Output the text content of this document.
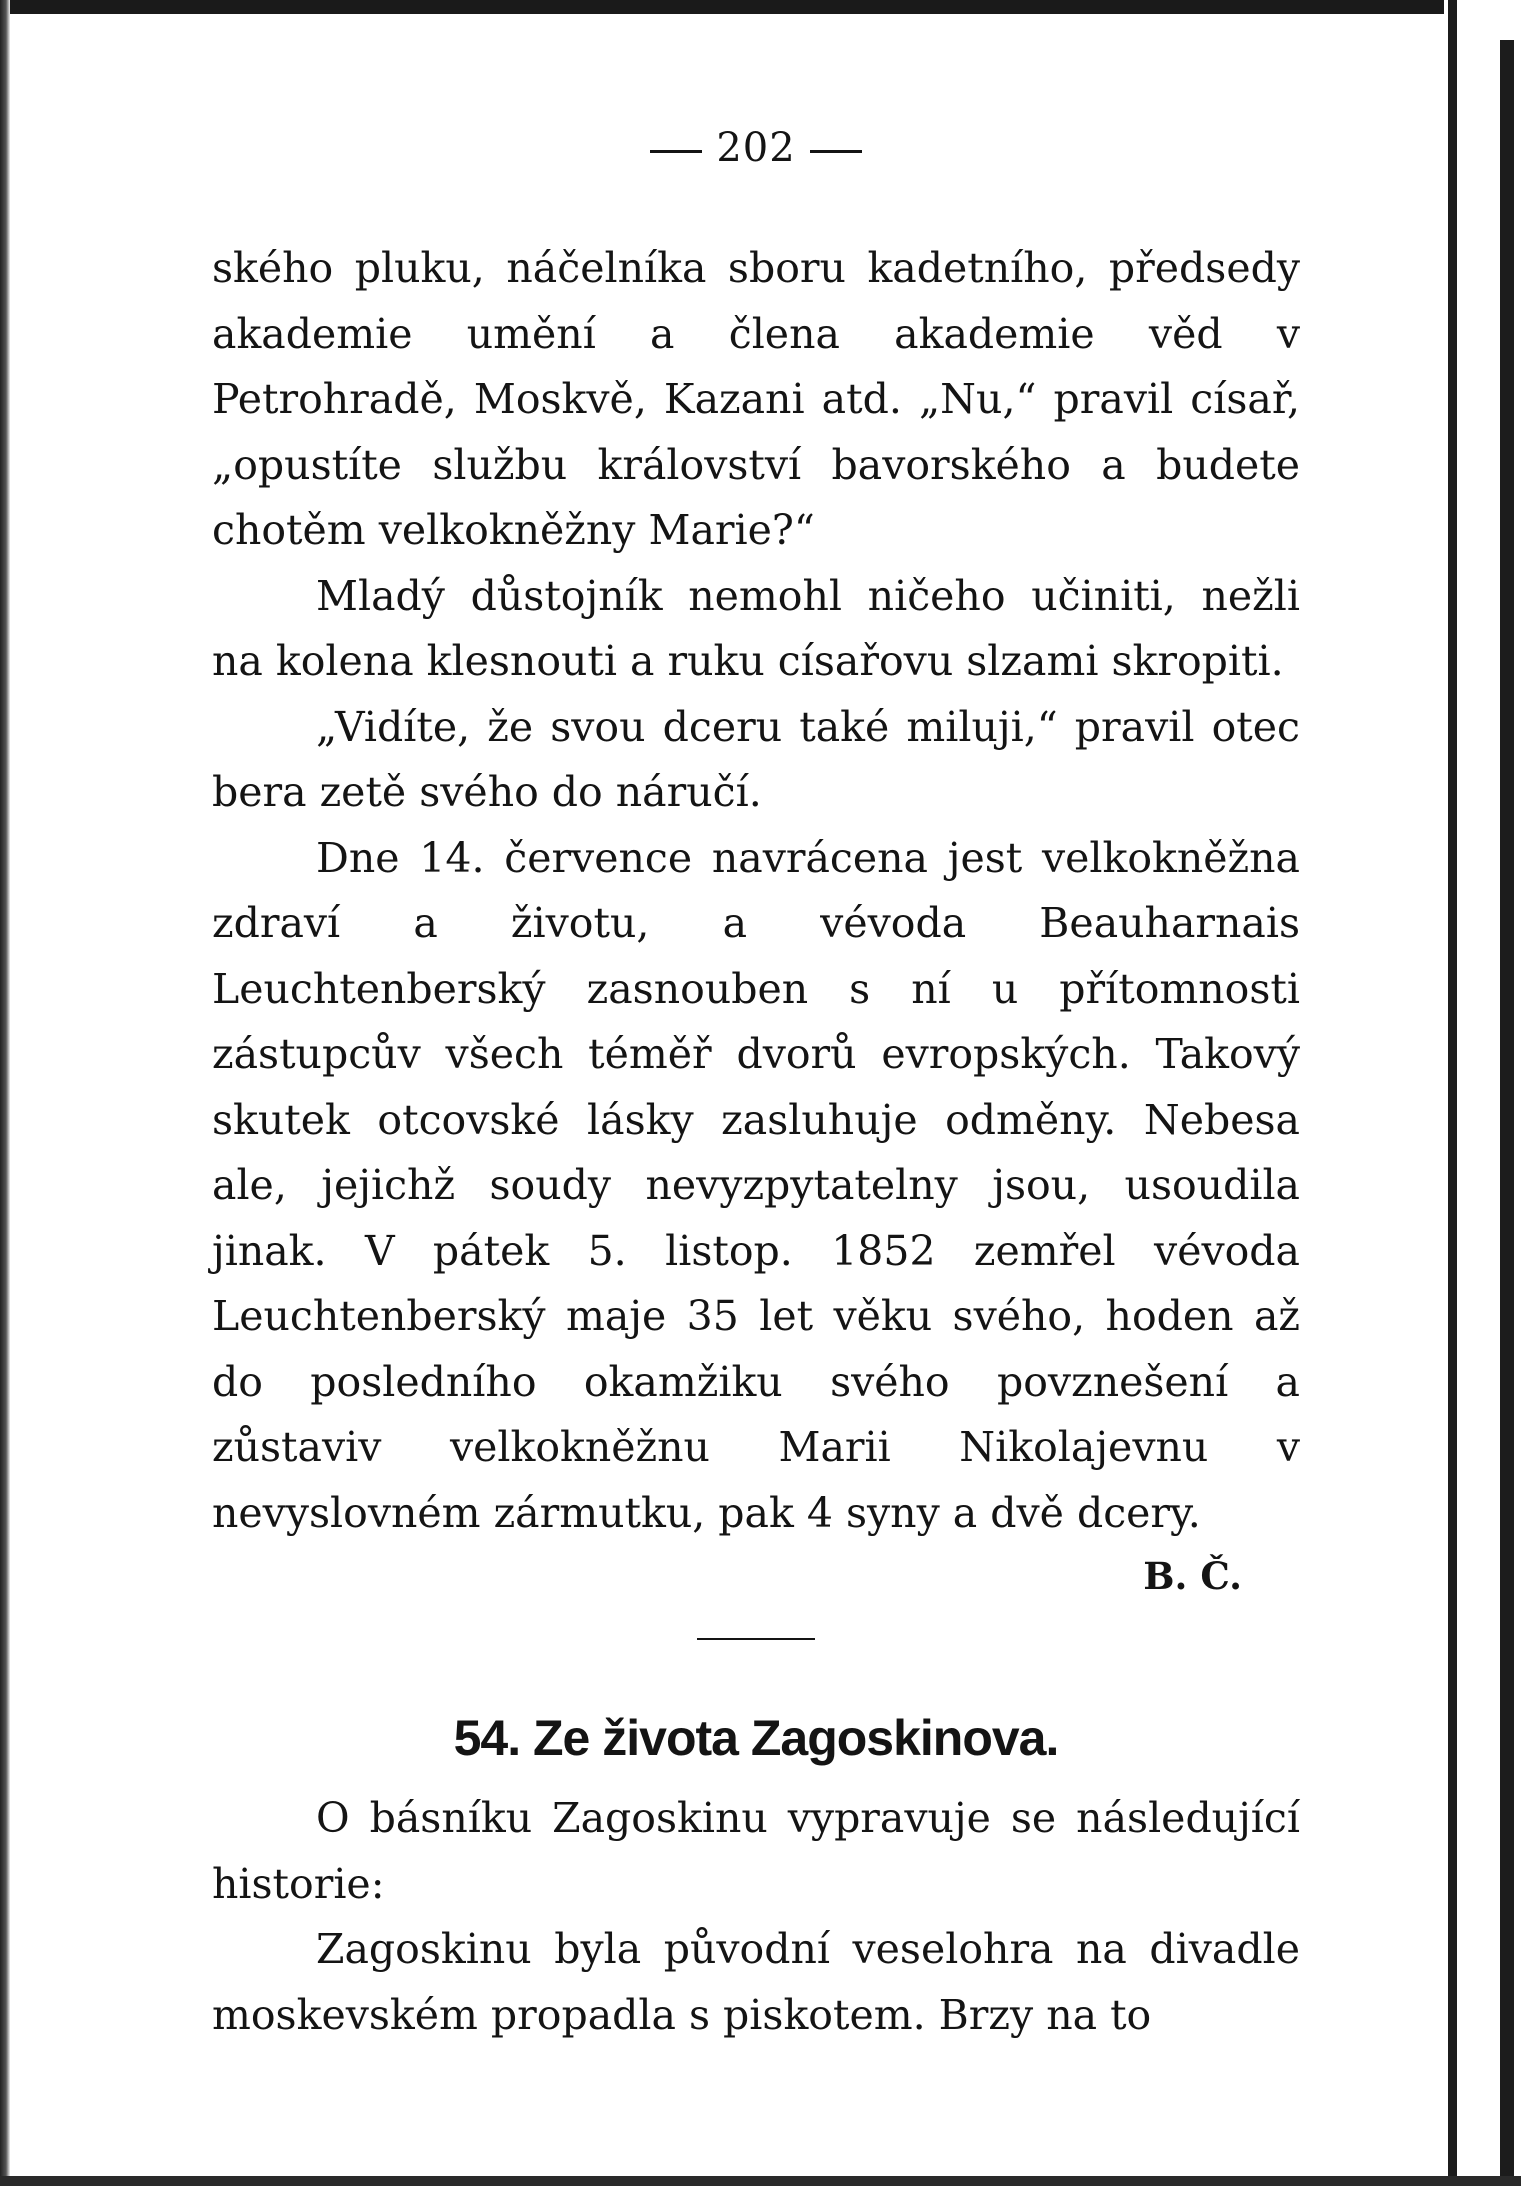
202

ského pluku, náčelníka sboru kadetního, předsedy akademie umění a člena akademie věd v Petrohradě, Moskvě, Kazani atd. „Nu,“ pravil císař, „opustíte službu království bavorského a budete chotěm velkokněžny Marie?“

Mladý důstojník nemohl ničeho učiniti, nežli na kolena klesnouti a ruku císařovu slzami skropiti.

„Vidíte, že svou dceru také miluji,“ pravil otec bera zetě svého do náručí.

Dne 14. července navrácena jest velkokněžna zdraví a životu, a vévoda Beauharnais Leuchtenberský zasnouben s ní u přítomnosti zástupcův všech téměř dvorů evropských. Takový skutek otcovské lásky zasluhuje odměny. Nebesa ale, jejichž soudy nevyzpytatelny jsou, usoudila jinak. V pátek 5. listop. 1852 zemřel vévoda Leuchtenberský maje 35 let věku svého, hoden až do posledního okamžiku svého povznešení a zůstaviv velkokněžnu Marii Nikolajevnu v nevyslovném zármutku, pak 4 syny a dvě dcery.

B. Č.

54. Ze života Zagoskinova.

O básníku Zagoskinu vypravuje se následující historie:

Zagoskinu byla původní veselohra na divadle moskevském propadla s piskotem. Brzy na to
